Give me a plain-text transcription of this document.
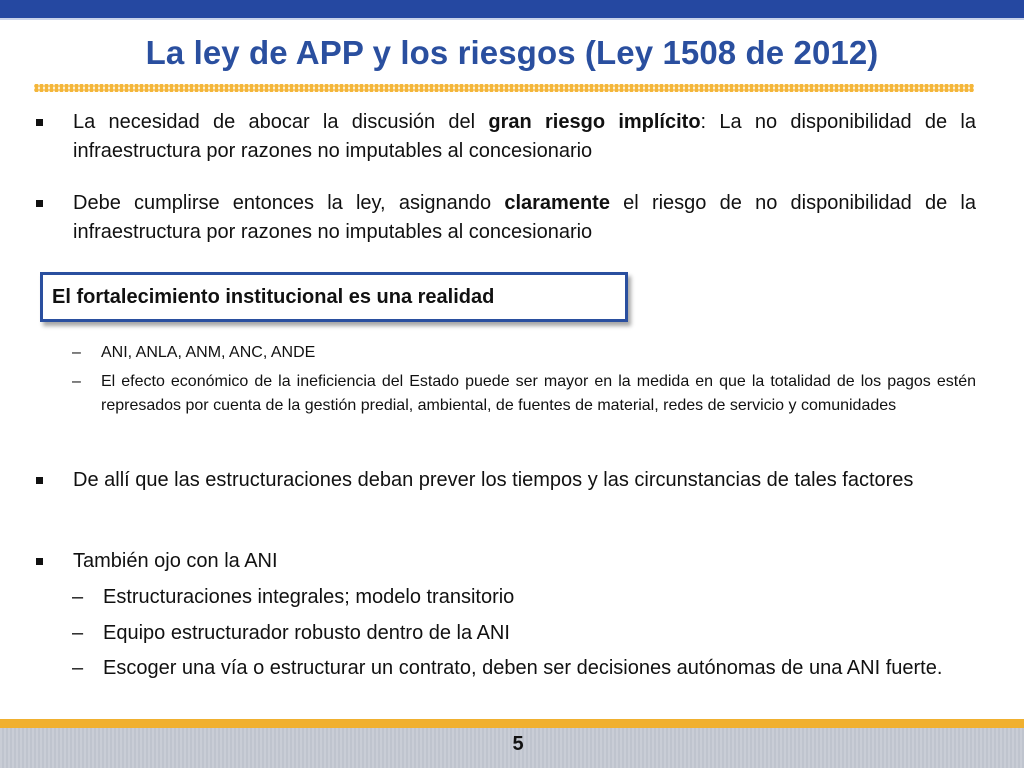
La ley de APP y los riesgos (Ley 1508 de 2012)
La necesidad de abocar la discusión del gran riesgo implícito: La no disponibilidad de la infraestructura por razones no imputables al concesionario
Debe cumplirse entonces la ley, asignando claramente el riesgo de no disponibilidad de la infraestructura por razones no imputables al concesionario
El fortalecimiento institucional es una realidad
– ANI, ANLA, ANM, ANC, ANDE
– El efecto económico de la ineficiencia del Estado puede ser mayor en la medida en que la totalidad de los pagos estén represados por cuenta de la gestión predial, ambiental, de fuentes de material, redes de servicio y comunidades
De allí que las estructuraciones deban prever los tiempos y las circunstancias de tales factores
También ojo con la ANI
– Estructuraciones integrales; modelo transitorio
– Equipo estructurador robusto dentro de la ANI
– Escoger una vía o estructurar un contrato, deben ser decisiones autónomas de una ANI fuerte.
5
